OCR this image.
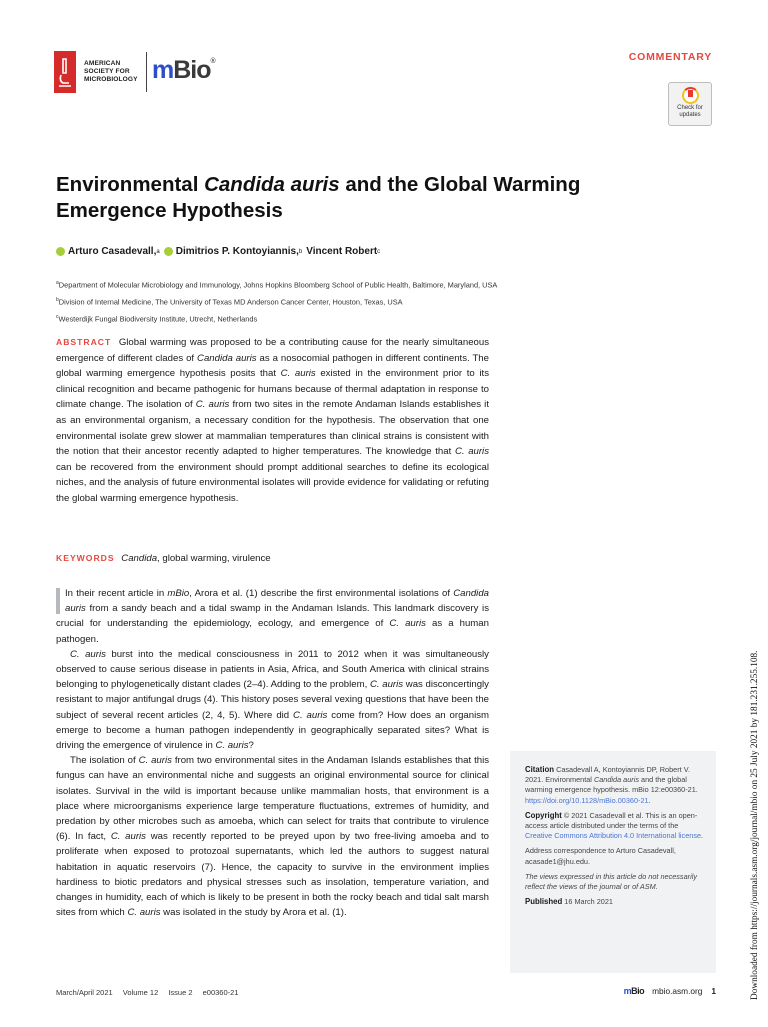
AMERICAN
SOCIETY FOR
MICROBIOLOGY mBio®	COMMENTARY
Check for
updates
Environmental Candida auris and the Global Warming Emergence Hypothesis
Arturo Casadevall, a Dimitrios P. Kontoyiannis, b Vincent Robert c
$^a$Department of Molecular Microbiology and Immunology, Johns Hopkins Bloomberg School of Public Health, Baltimore, Maryland, USA
$^b$Division of Internal Medicine, The University of Texas MD Anderson Cancer Center, Houston, Texas, USA
$^c$Westerdijk Fungal Biodiversity Institute, Utrecht, Netherlands
ABSTRACT Global warming was proposed to be a contributing cause for the nearly simultaneous emergence of different clades of Candida auris as a nosocomial pathogen in different continents. The global warming emergence hypothesis posits that C. auris existed in the environment prior to its clinical recognition and became pathogenic for humans because of thermal adaptation in response to climate change. The isolation of C. auris from two sites in the remote Andaman Islands establishes it as an environmental organism, a necessary condition for the hypothesis. The observation that one environmental isolate grew slower at mammalian temperatures than clinical strains is consistent with the notion that their ancestor recently adapted to higher temperatures. The knowledge that C. auris can be recovered from the environment should prompt additional searches to define its ecological niches, and the analysis of future environmental isolates will provide evidence for validating or refuting the global warming emergence hypothesis.
KEYWORDS Candida, global warming, virulence

In their recent article in mBio, Arora et al. (1) describe the first environmental isolations of Candida auris from a sandy beach and a tidal swamp in the Andaman Islands. This landmark discovery is crucial for understanding the epidemiology, ecology, and emergence of C. auris as a human pathogen.

C. auris burst into the medical consciousness in 2011 to 2012 when it was simultaneously observed to cause serious disease in patients in Asia, Africa, and South America with clinical strains belonging to phylogenetically distant clades (2–4). Adding to the problem, C. auris was disconcertingly resistant to major antifungal drugs (4). This history poses several vexing questions that have been the subject of several recent articles (2, 4, 5). Where did C. auris come from? How does an organism emerge to become a human pathogen independently in geographically separated sites? What is driving the emergence of virulence in C. auris?

The isolation of C. auris from two environmental sites in the Andaman Islands establishes that this fungus can have an environmental niche and suggests an original environmental source for clinical isolates. Survival in the wild is important because unlike mammalian hosts, that environment is a place where microorganisms experience large temperature fluctuations, extremes of humidity, and predation by other microbes such as amoeba, which can select for traits that contribute to virulence (6). In fact, C. auris was recently reported to be preyed upon by two free-living amoeba and to proliferate when exposed to protozoal supernatants, which led the authors to suggest natural habitation in aquatic reservoirs (7). Hence, the capacity to survive in the environment implies hardiness to biotic predators and physical stresses such as insolation, temperature variation, and changes in humidity, each of which is likely to be present in both the rocky beach and tidal salt marsh sites from which C. auris was isolated in the study by Arora et al. (1).

Citation Casadevall A, Kontoyiannis DP, Robert V. 2021. Environmental Candida auris and the global warming emergence hypothesis. mBio 12:e00360-21. https://doi.org/10.1128/mBio.00360-21.

Copyright © 2021 Casadevall et al. This is an open-access article distributed under the terms of the Creative Commons Attribution 4.0 International license.

Address correspondence to Arturo Casadevall, acasade1@jhu.edu.

The views expressed in this article do not necessarily reflect the views of the journal or of ASM.

Published 16 March 2021	Downloaded from https://journals.asm.org/journal/mbio on 25 July 2021 by 181.231.255.108.
March/April 2021 Volume 12 Issue 2 e00360-21	mBio mbio.asm.org 1
